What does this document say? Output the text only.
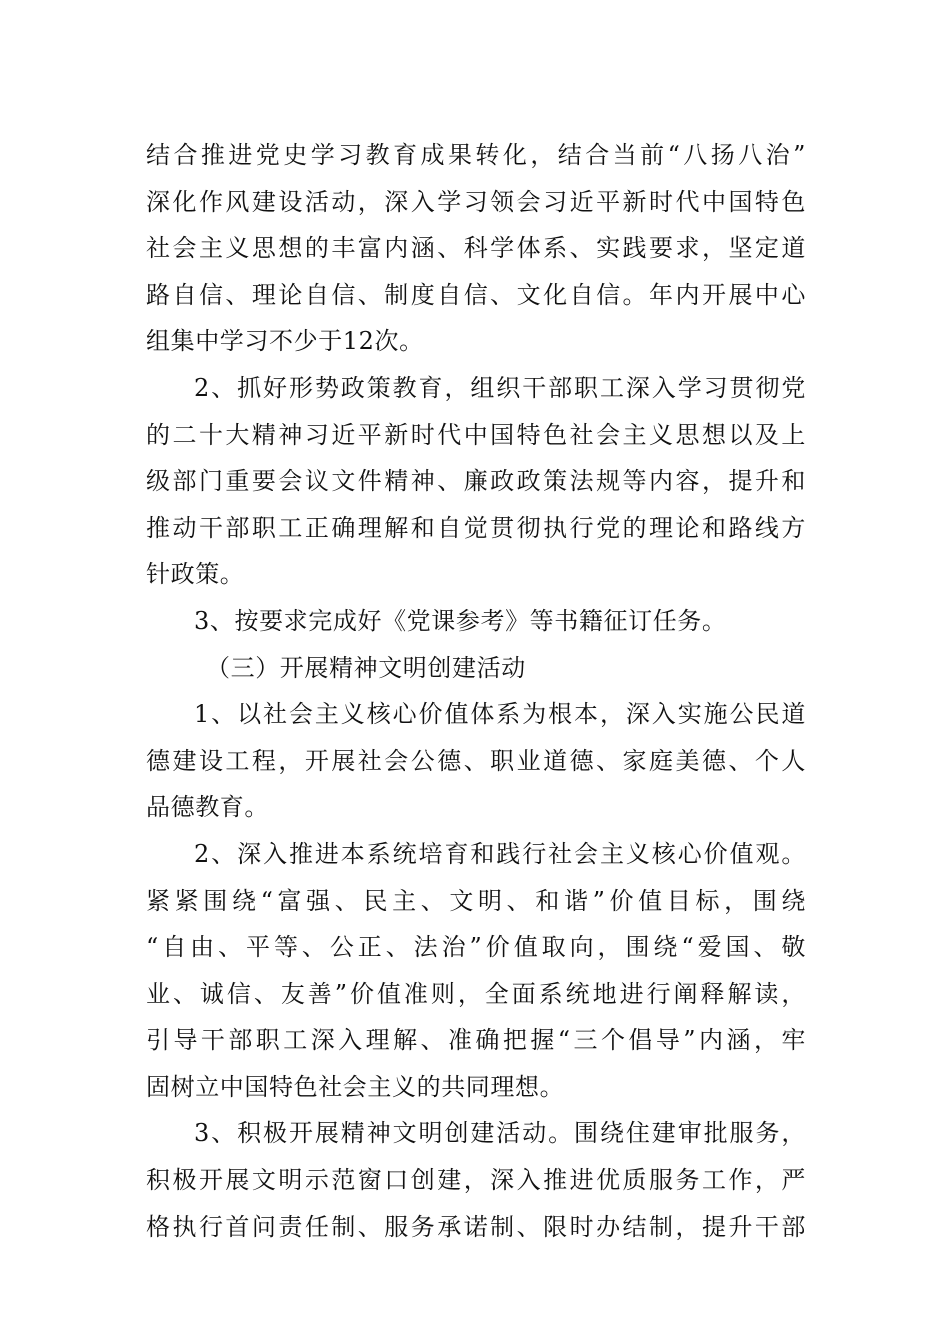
结合推进党史学习教育成果转化，结合当前“八扬八治”
深化作风建设活动，深入学习领会习近平新时代中国特色
社会主义思想的丰富内涵、科学体系、实践要求，坚定道
路自信、理论自信、制度自信、文化自信。年内开展中心
组集中学习不少于12次。
2、抓好形势政策教育，组织干部职工深入学习贯彻党
的二十大精神习近平新时代中国特色社会主义思想以及上
级部门重要会议文件精神、廉政政策法规等内容，提升和
推动干部职工正确理解和自觉贯彻执行党的理论和路线方
针政策。
3、按要求完成好《党课参考》等书籍征订任务。
（三）开展精神文明创建活动
1、以社会主义核心价值体系为根本，深入实施公民道
德建设工程，开展社会公德、职业道德、家庭美德、个人
品德教育。
2、深入推进本系统培育和践行社会主义核心价值观。
紧紧围绕“富强、民主、文明、和谐”价值目标，围绕
“自由、平等、公正、法治”价值取向，围绕“爱国、敬
业、诚信、友善”价值准则，全面系统地进行阐释解读，
引导干部职工深入理解、准确把握“三个倡导”内涵，牢
固树立中国特色社会主义的共同理想。
3、积极开展精神文明创建活动。围绕住建审批服务，
积极开展文明示范窗口创建，深入推进优质服务工作，严
格执行首问责任制、服务承诺制、限时办结制，提升干部
